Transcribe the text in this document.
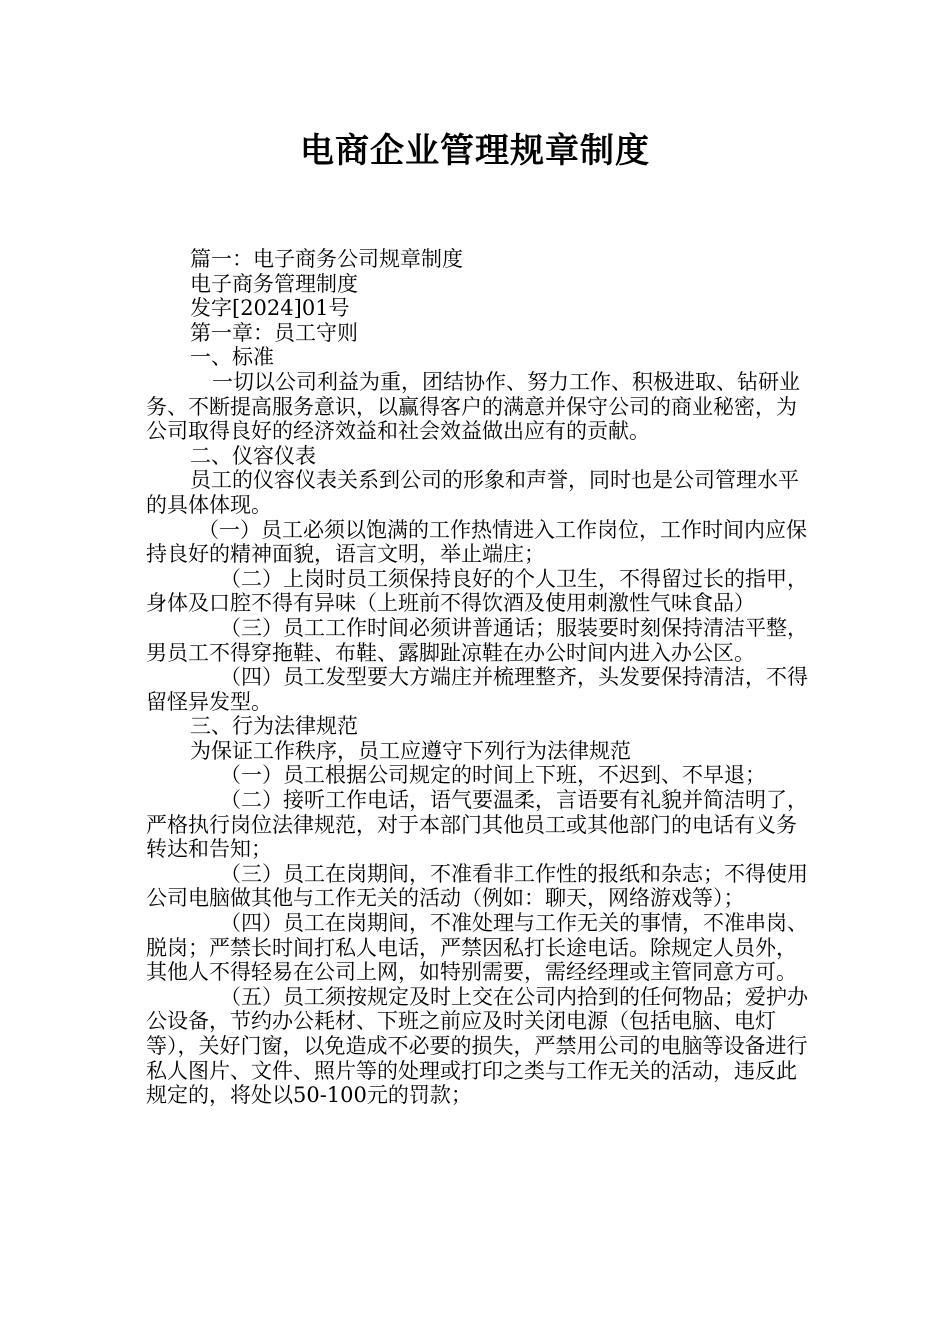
电商企业管理规章制度

篇一：电子商务公司规章制度

电子商务管理制度

发字[2024]01号

第一章：员工守则

一、标准

一切以公司利益为重，团结协作、努力工作、积极进取、钻研业务、不断提高服务意识，以赢得客户的满意并保守公司的商业秘密，为公司取得良好的经济效益和社会效益做出应有的贡献。

二、仪容仪表

员工的仪容仪表关系到公司的形象和声誉，同时也是公司管理水平的具体体现。

（一）员工必须以饱满的工作热情进入工作岗位，工作时间内应保持良好的精神面貌，语言文明，举止端庄；

（二）上岗时员工须保持良好的个人卫生，不得留过长的指甲，身体及口腔不得有异味（上班前不得饮酒及使用刺激性气味食品）

（三）员工工作时间必须讲普通话；服装要时刻保持清洁平整，男员工不得穿拖鞋、布鞋、露脚趾凉鞋在办公时间内进入办公区。

（四）员工发型要大方端庄并梳理整齐，头发要保持清洁，不得留怪异发型。

三、行为法律规范

为保证工作秩序，员工应遵守下列行为法律规范

（一）员工根据公司规定的时间上下班，不迟到、不早退；

（二）接听工作电话，语气要温柔，言语要有礼貌并简洁明了，严格执行岗位法律规范，对于本部门其他员工或其他部门的电话有义务转达和告知；

（三）员工在岗期间，不准看非工作性的报纸和杂志；不得使用公司电脑做其他与工作无关的活动（例如：聊天，网络游戏等）；

（四）员工在岗期间，不准处理与工作无关的事情，不准串岗、脱岗；严禁长时间打私人电话，严禁因私打长途电话。除规定人员外，其他人不得轻易在公司上网，如特别需要，需经经理或主管同意方可。

（五）员工须按规定及时上交在公司内拾到的任何物品；爱护办公设备，节约办公耗材、下班之前应及时关闭电源（包括电脑、电灯等），关好门窗，以免造成不必要的损失，严禁用公司的电脑等设备进行私人图片、文件、照片等的处理或打印之类与工作无关的活动，违反此规定的，将处以50-100元的罚款；
